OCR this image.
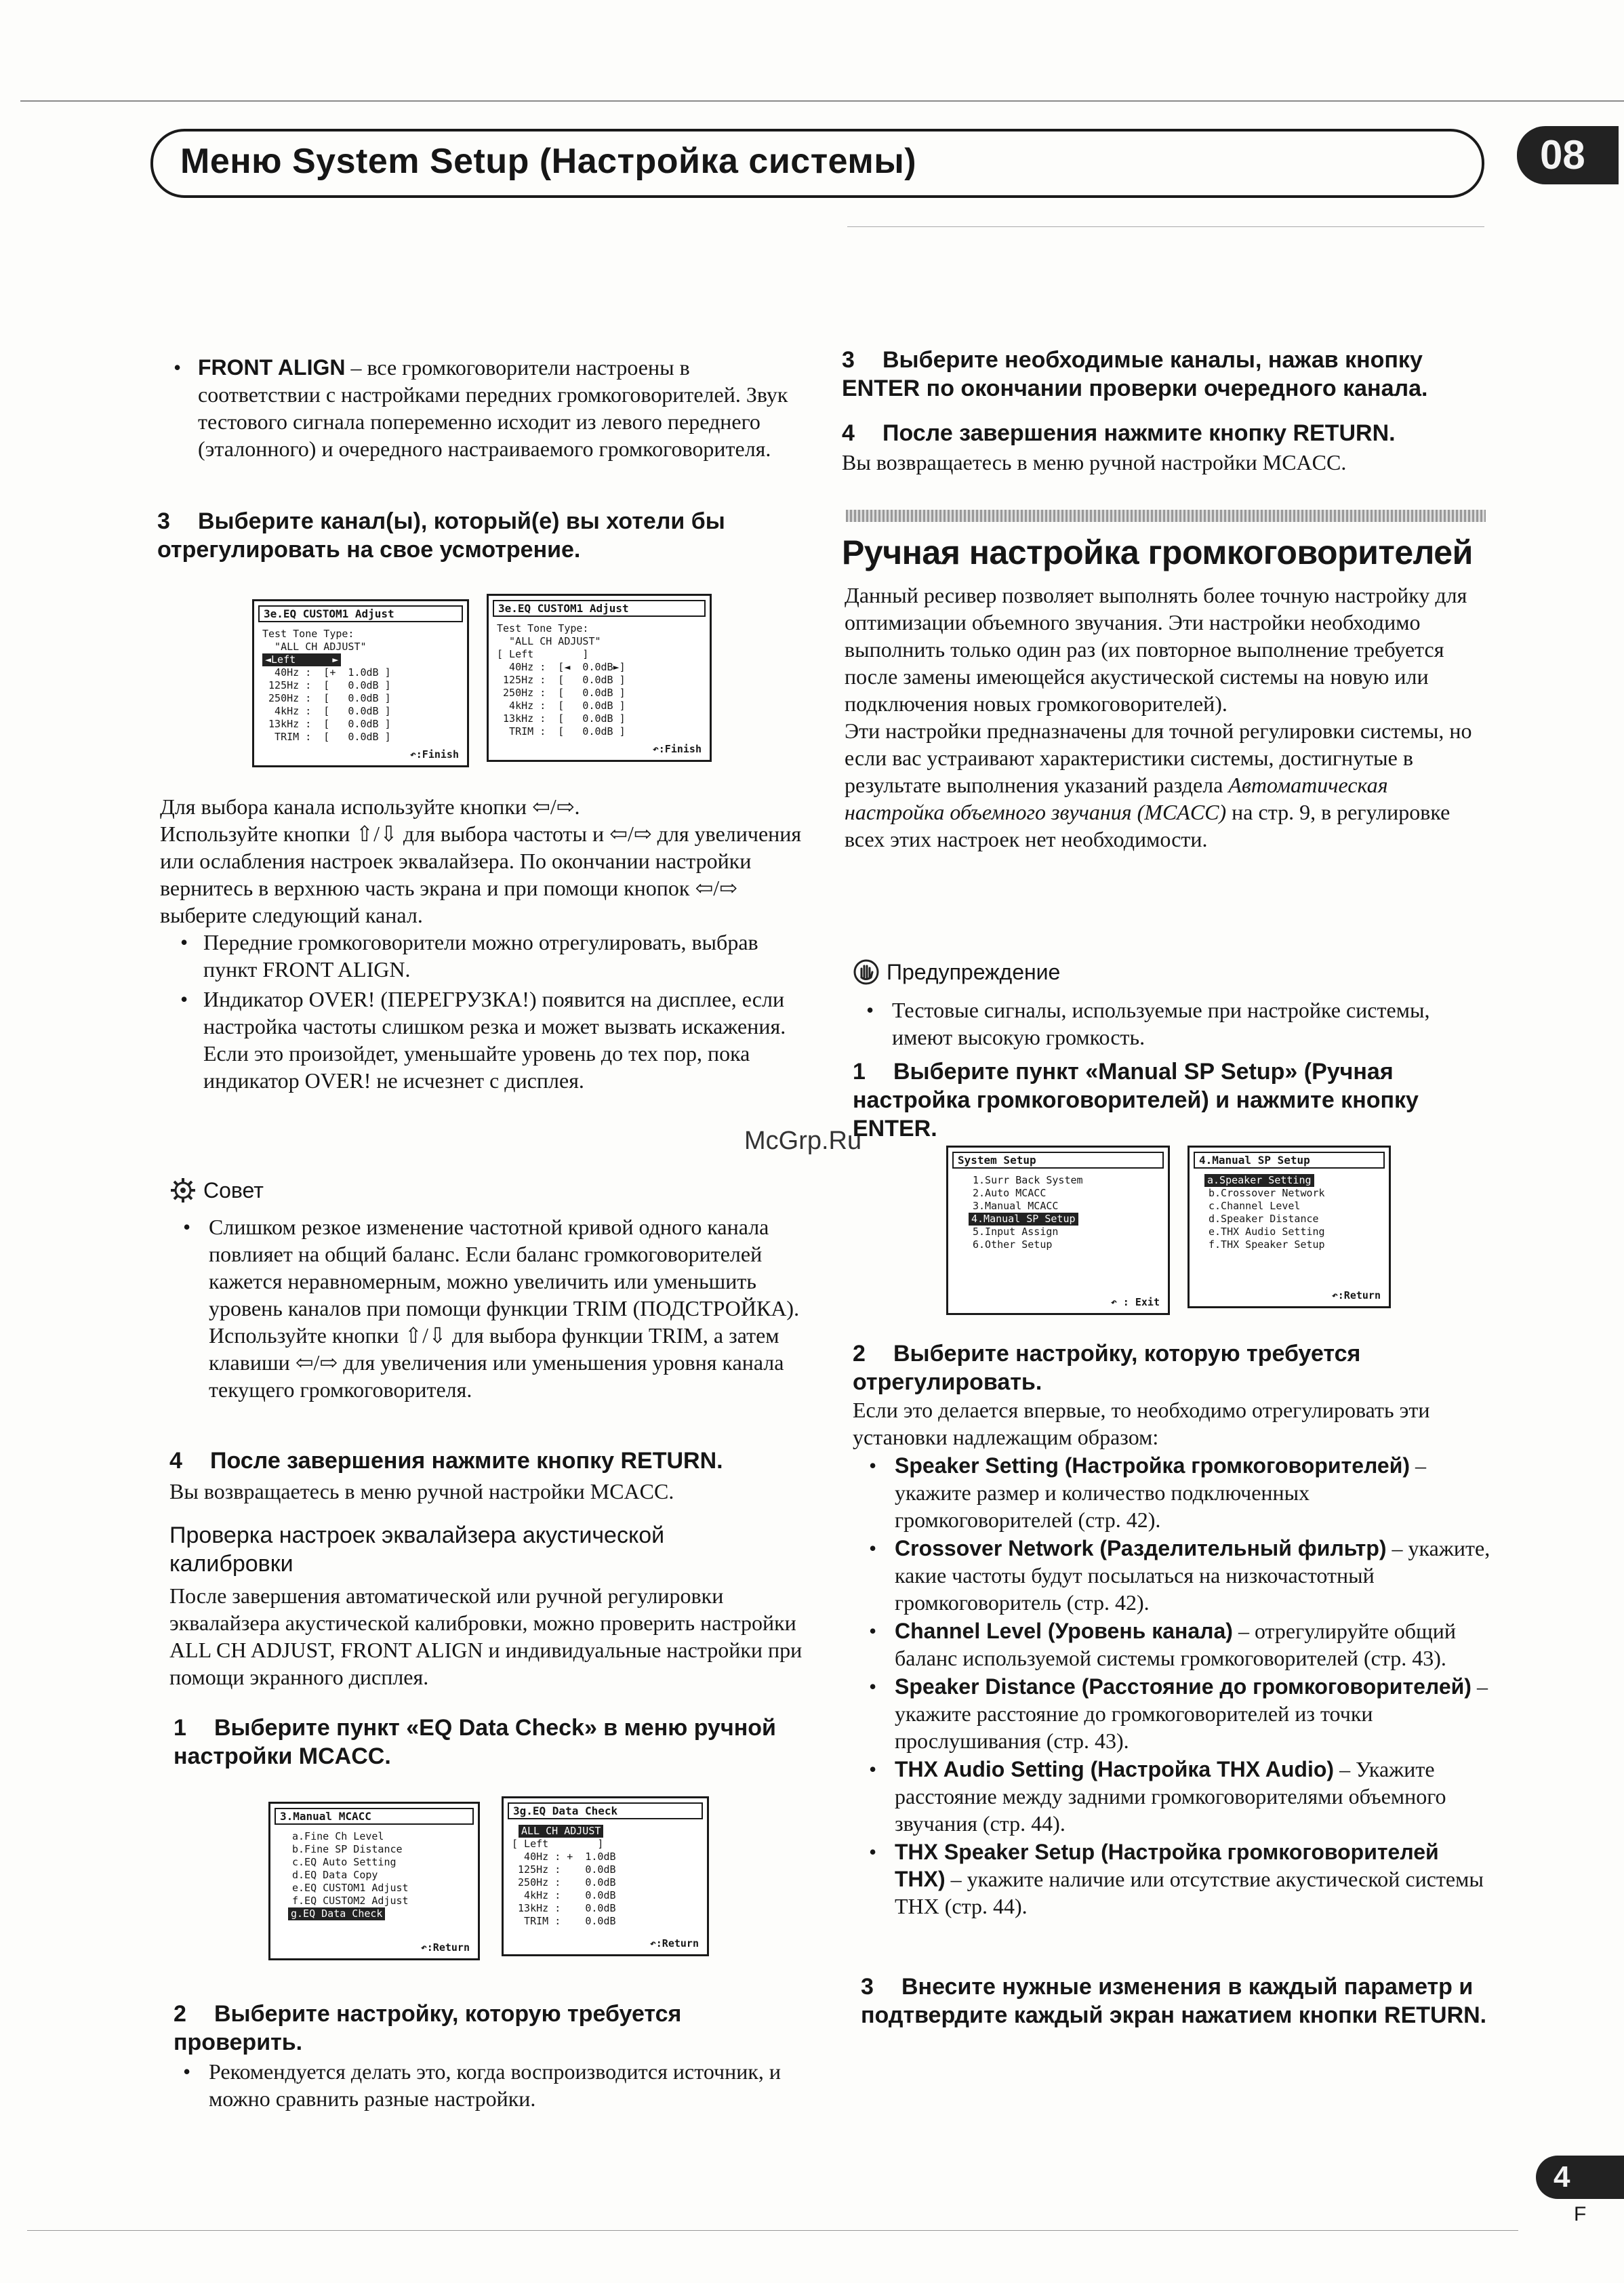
Меню System Setup (Настройка системы)	08
4
F
McGrp.Ru
• FRONT ALIGN – все громкоговорители настроены в соответствии с настройками передних громкоговорителей. Звук тестового сигнала попеременно исходит из левого переднего (эталонного) и очередного настраиваемого громкоговорителя.
3 Выберите канал(ы), который(е) вы хотели бы отрегулировать на свое усмотрение.
3e.EQ CUSTOM1 Adjust
Test Tone Type:
"ALL CH ADJUST"
◄Left      ►
40Hz :  [+  1.0dB ]
125Hz :  [   0.0dB ]
250Hz :  [   0.0dB ]
4kHz :  [   0.0dB ]
13kHz :  [   0.0dB ]
TRIM :  [   0.0dB ]
↶:Finish
3e.EQ CUSTOM1 Adjust
Test Tone Type:
"ALL CH ADJUST"
[ Left        ]
40Hz :  [◄  0.0dB►]
125Hz :  [   0.0dB ]
250Hz :  [   0.0dB ]
4kHz :  [   0.0dB ]
13kHz :  [   0.0dB ]
TRIM :  [   0.0dB ]
↶:Finish
Для выбора канала используйте кнопки ⇦/⇨.
Используйте кнопки ⇧/⇩ для выбора частоты и ⇦/⇨ для увеличения или ослабления настроек эквалайзера. По окончании настройки вернитесь в верхнюю часть экрана и при помощи кнопок ⇦/⇨ выберите следующий канал.
• Передние громкоговорители можно отрегулировать, выбрав пункт FRONT ALIGN.
• Индикатор OVER! (ПЕРЕГРУЗКА!) появится на дисплее, если настройка частоты слишком резка и может вызвать искажения. Если это произойдет, уменьшайте уровень до тех пор, пока индикатор OVER! не исчезнет с дисплея.
Совет
• Слишком резкое изменение частотной кривой одного канала повлияет на общий баланс. Если баланс громкоговорителей кажется неравномерным, можно увеличить или уменьшить уровень каналов при помощи функции TRIM (ПОДСТРОЙКА). Используйте кнопки ⇧/⇩ для выбора функции TRIM, а затем клавиши ⇦/⇨ для увеличения или уменьшения уровня канала текущего громкоговорителя.
4 После завершения нажмите кнопку RETURN.
Вы возвращаетесь в меню ручной настройки MCACC.
Проверка настроек эквалайзера акустической калибровки
После завершения автоматической или ручной регулировки эквалайзера акустической калибровки, можно проверить настройки ALL CH ADJUST, FRONT ALIGN и индивидуальные настройки при помощи экранного дисплея.
1 Выберите пункт «EQ Data Check» в меню ручной настройки MCACC.
3.Manual MCACC
a.Fine Ch Level
b.Fine SP Distance
c.EQ Auto Setting
d.EQ Data Copy
e.EQ CUSTOM1 Adjust
f.EQ CUSTOM2 Adjust
g.EQ Data Check
↶:Return
3g.EQ Data Check
ALL CH ADJUST
[ Left        ]
40Hz : +  1.0dB
125Hz :    0.0dB
250Hz :    0.0dB
4kHz :    0.0dB
13kHz :    0.0dB
TRIM :    0.0dB
↶:Return
2 Выберите настройку, которую требуется проверить.
• Рекомендуется делать это, когда воспроизводится источник, и можно сравнить разные настройки.
3 Выберите необходимые каналы, нажав кнопку ENTER по окончании проверки очередного канала.
4 После завершения нажмите кнопку RETURN.
Вы возвращаетесь в меню ручной настройки MCACC.
Ручная настройка громкоговорителей
Данный ресивер позволяет выполнять более точную настройку для оптимизации объемного звучания. Эти настройки необходимо выполнить только один раз (их повторное выполнение требуется после замены имеющейся акустической системы на новую или подключения новых громкоговорителей).
Эти настройки предназначены для точной регулировки системы, но если вас устраивают характеристики системы, достигнутые в результате выполнения указаний раздела Автоматическая настройка объемного звучания (MCACC) на стр. 9, в регулировке всех этих настроек нет необходимости.
Предупреждение
• Тестовые сигналы, используемые при настройке системы, имеют высокую громкость.
1 Выберите пункт «Manual SP Setup» (Ручная настройка громкоговорителей) и нажмите кнопку ENTER.
System Setup
1.Surr Back System
2.Auto MCACC
3.Manual MCACC
4.Manual SP Setup
5.Input Assign
6.Other Setup
↶ : Exit
4.Manual SP Setup
a.Speaker Setting
b.Crossover Network
c.Channel Level
d.Speaker Distance
e.THX Audio Setting
f.THX Speaker Setup
↶:Return
2 Выберите настройку, которую требуется отрегулировать.
Если это делается впервые, то необходимо отрегулировать эти установки надлежащим образом:
• Speaker Setting (Настройка громкоговорителей) – укажите размер и количество подключенных громкоговорителей (стр. 42).
• Crossover Network (Разделительный фильтр) – укажите, какие частоты будут посылаться на низкочастотный громкоговоритель (стр. 42).
• Channel Level (Уровень канала) – отрегулируйте общий баланс используемой системы громкоговорителей (стр. 43).
• Speaker Distance (Расстояние до громкоговорителей) – укажите расстояние до громкоговорителей из точки прослушивания (стр. 43).
• THX Audio Setting (Настройка THX Audio) – Укажите расстояние между задними громкоговорителями объемного звучания (стр. 44).
• THX Speaker Setup (Настройка громкоговорителей THX) – укажите наличие или отсутствие акустической системы THX (стр. 44).
3 Внесите нужные изменения в каждый параметр и подтвердите каждый экран нажатием кнопки RETURN.
